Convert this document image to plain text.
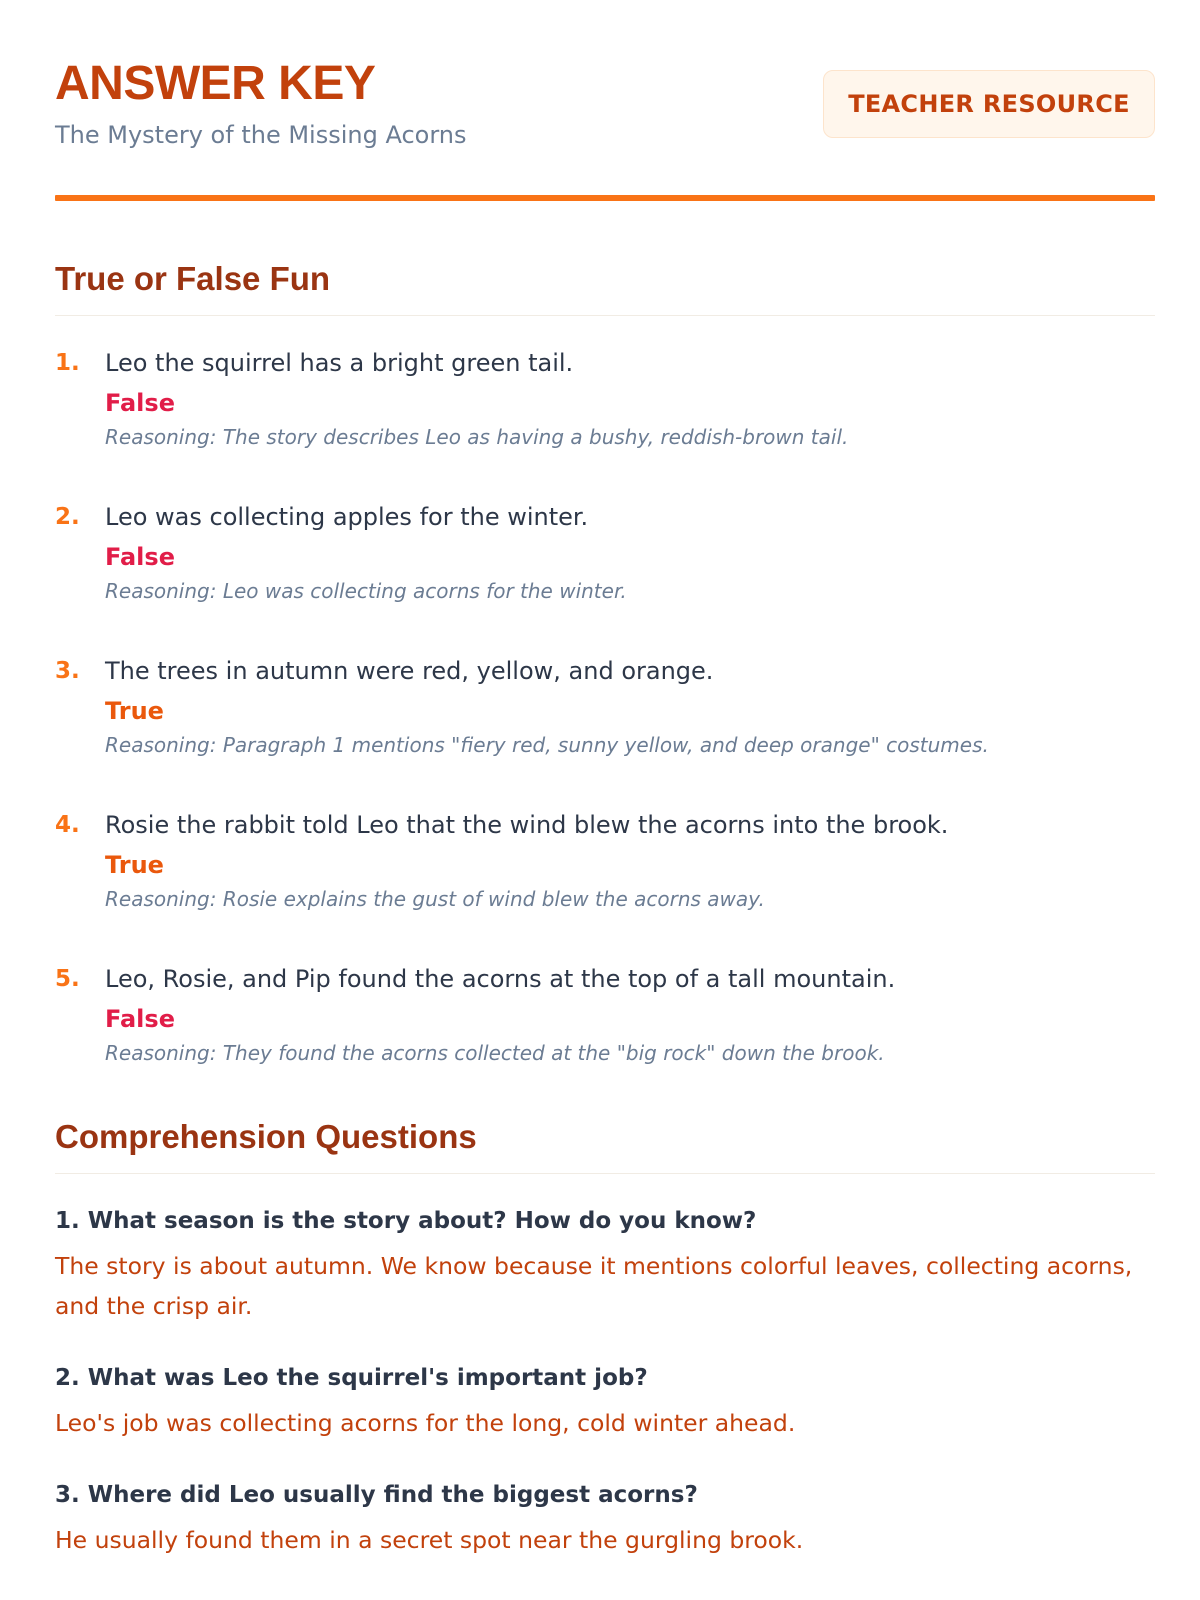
ANSWER KEY
The Mystery of the Missing Acorns
TEACHER RESOURCE
True or False Fun
1. Leo the squirrel has a bright green tail.
False
Reasoning: The story describes Leo as having a bushy, reddish-brown tail.
2. Leo was collecting apples for the winter.
False
Reasoning: Leo was collecting acorns for the winter.
3. The trees in autumn were red, yellow, and orange.
True
Reasoning: Paragraph 1 mentions "fiery red, sunny yellow, and deep orange" costumes.
4. Rosie the rabbit told Leo that the wind blew the acorns into the brook.
True
Reasoning: Rosie explains the gust of wind blew the acorns away.
5. Leo, Rosie, and Pip found the acorns at the top of a tall mountain.
False
Reasoning: They found the acorns collected at the "big rock" down the brook.
Comprehension Questions
1. What season is the story about? How do you know?
The story is about autumn. We know because it mentions colorful leaves, collecting acorns, and the crisp air.
2. What was Leo the squirrel's important job?
Leo's job was collecting acorns for the long, cold winter ahead.
3. Where did Leo usually find the biggest acorns?
He usually found them in a secret spot near the gurgling brook.
